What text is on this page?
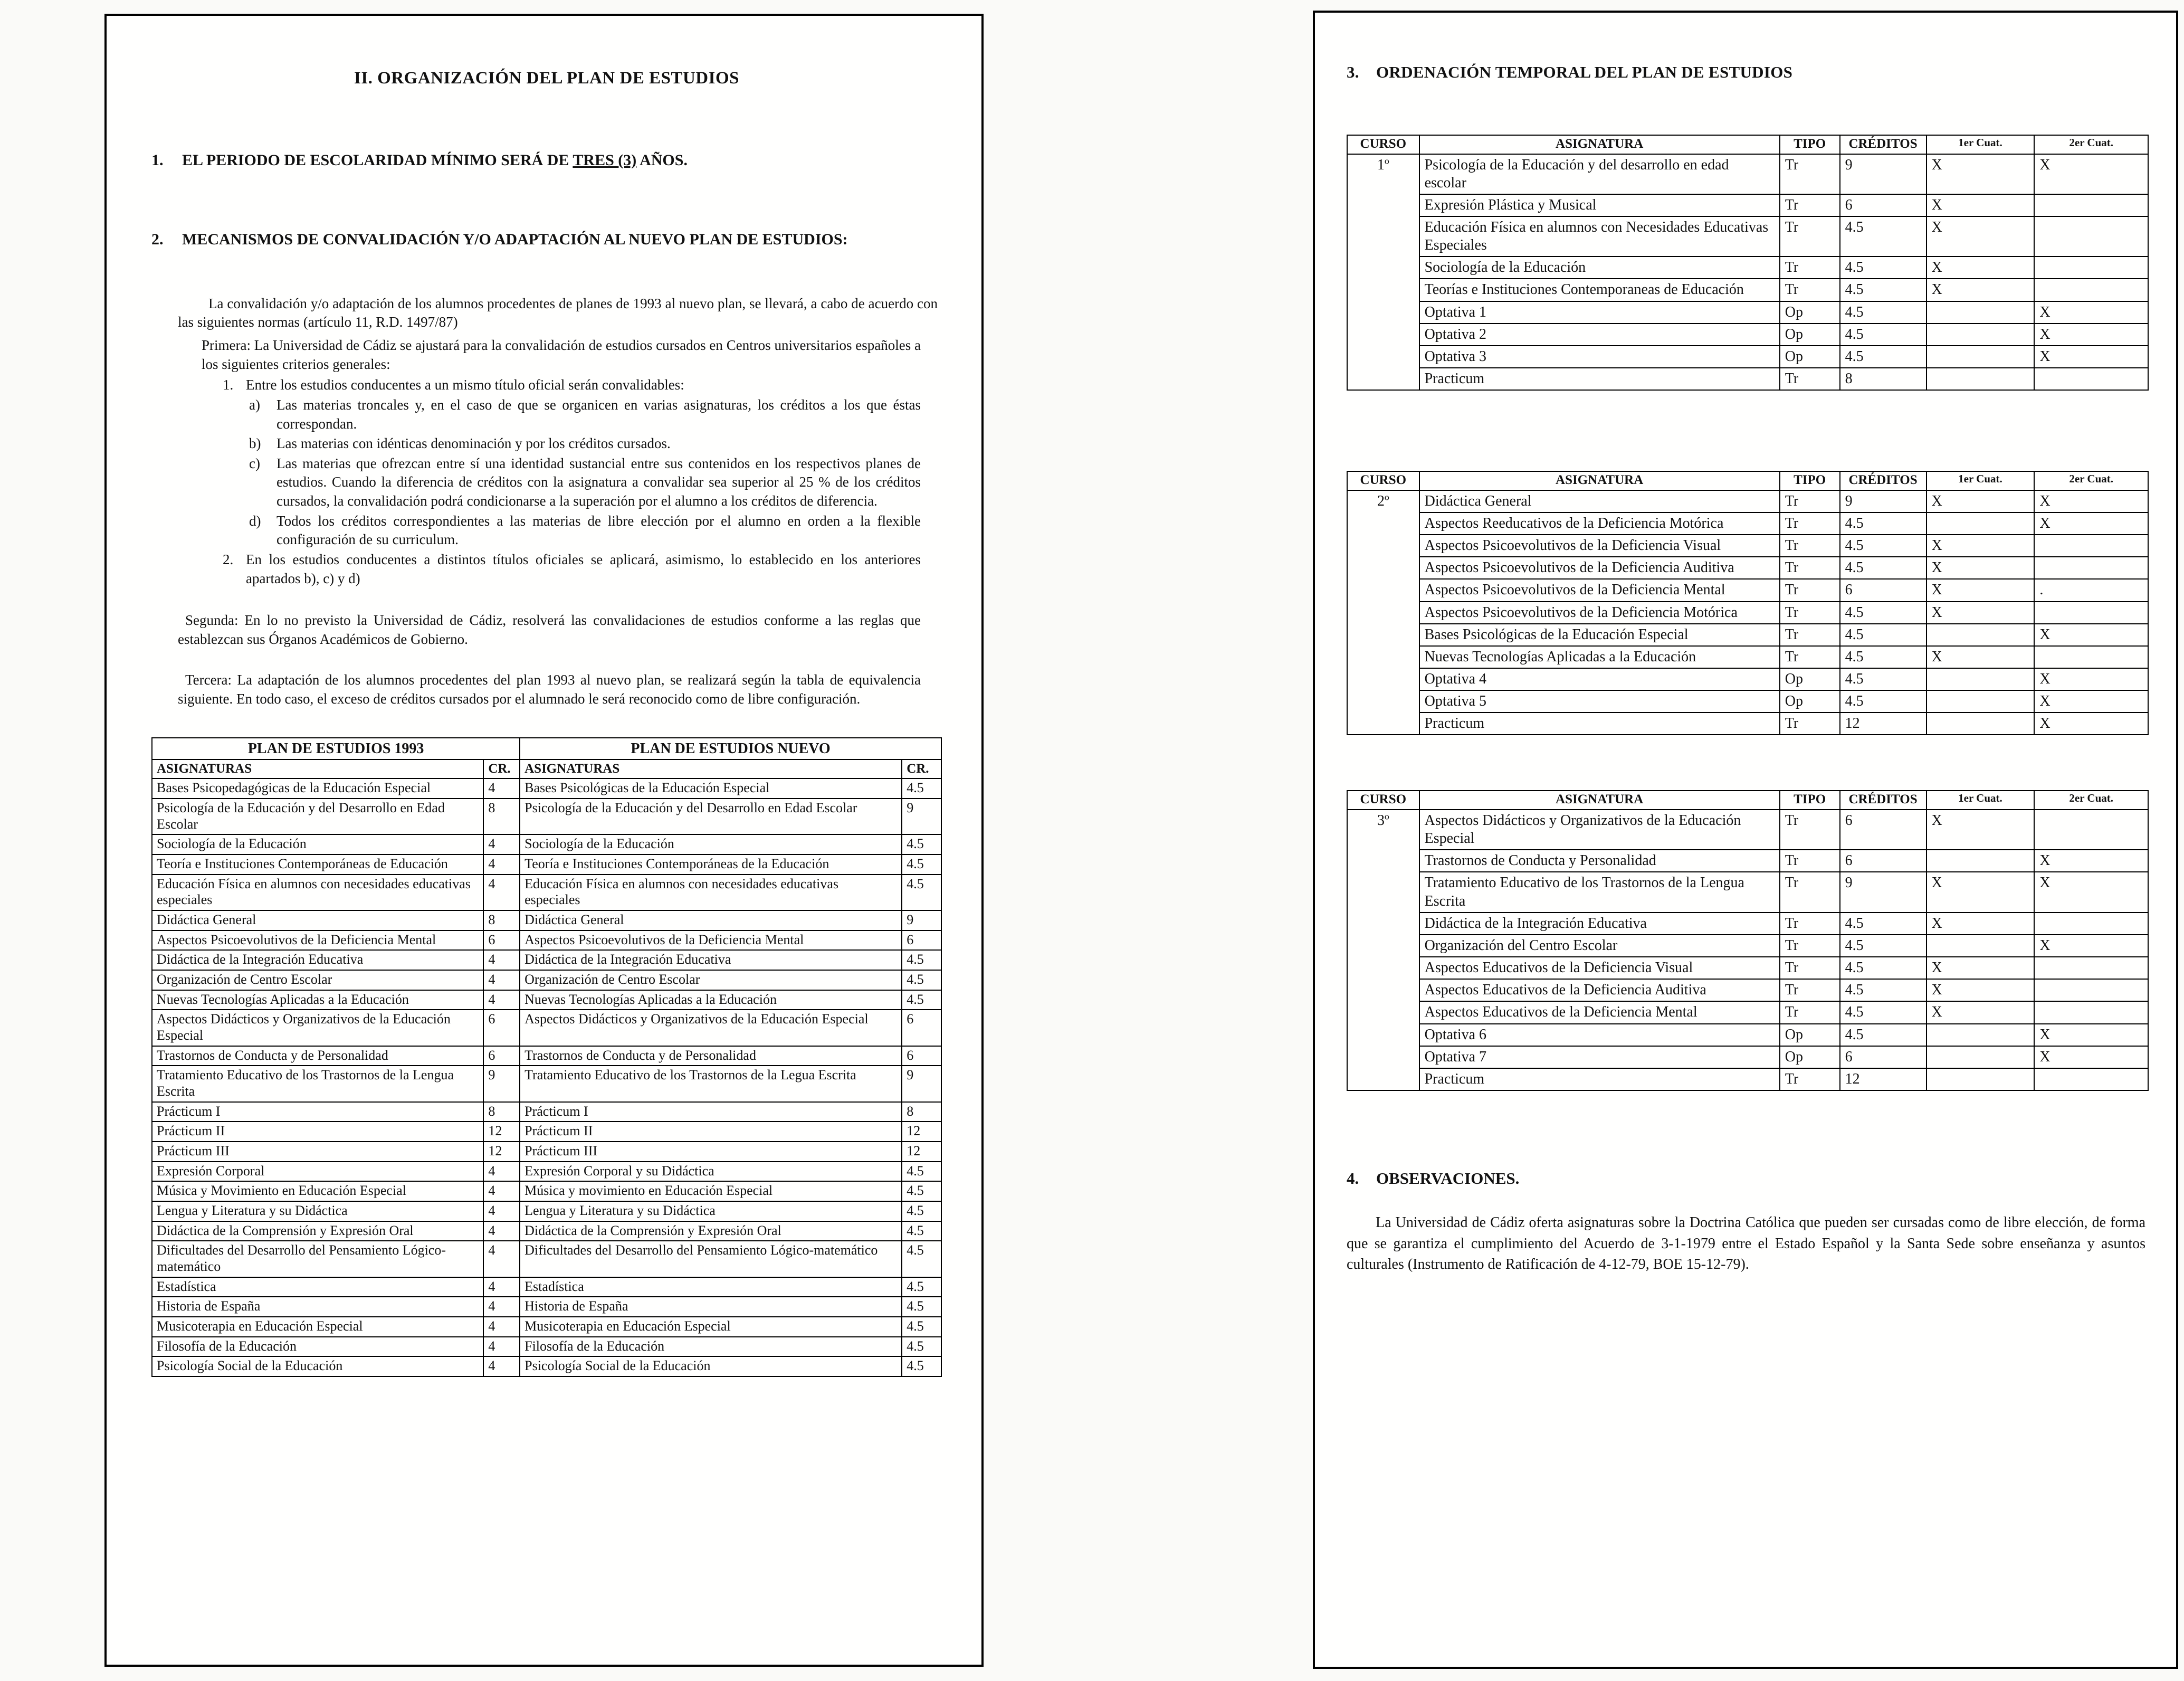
II. ORGANIZACIÓN DEL PLAN DE ESTUDIOS
1.	EL PERIODO DE ESCOLARIDAD MÍNIMO SERÁ DE TRES (3) AÑOS.
2.	MECANISMOS DE CONVALIDACIÓN Y/O ADAPTACIÓN AL NUEVO PLAN DE ESTUDIOS:

La convalidación y/o adaptación de los alumnos procedentes de planes de 1993 al nuevo plan, se llevará, a cabo de acuerdo con las siguientes normas (artículo 11, R.D. 1497/87)

Primera: La Universidad de Cádiz se ajustará para la convalidación de estudios cursados en Centros universitarios españoles a los siguientes criterios generales:

1. Entre los estudios conducentes a un mismo título oficial serán convalidables:
a)	Las materias troncales y, en el caso de que se organicen en varias asignaturas, los créditos a los que éstas correspondan.
b)	Las materias con idénticas denominación y por los créditos cursados.
c)	Las materias que ofrezcan entre sí una identidad sustancial entre sus contenidos en los respectivos planes de estudios. Cuando la diferencia de créditos con la asignatura a convalidar sea superior al 25 % de los créditos cursados, la convalidación podrá condicionarse a la superación por el alumno a los créditos de diferencia.
d)	Todos los créditos correspondientes a las materias de libre elección por el alumno en orden a la flexible configuración de su curriculum.
2. En los estudios conducentes a distintos títulos oficiales se aplicará, asimismo, lo establecido en los anteriores apartados b), c) y d)

Segunda: En lo no previsto la Universidad de Cádiz, resolverá las convalidaciones de estudios conforme a las reglas que establezcan sus Órganos Académicos de Gobierno.

Tercera: La adaptación de los alumnos procedentes del plan 1993 al nuevo plan, se realizará según la tabla de equivalencia siguiente. En todo caso, el exceso de créditos cursados por el alumnado le será reconocido como de libre configuración.

PLAN DE ESTUDIOS 1993		PLAN DE ESTUDIOS NUEVO	
ASIGNATURAS	CR.	ASIGNATURAS	CR.
Bases Psicopedagógicas de la Educación Especial	4	Bases Psicológicas de la Educación Especial	4.5
Psicología de la Educación y del Desarrollo en Edad Escolar	8	Psicología de la Educación y del Desarrollo en Edad Escolar	9
Sociología de la Educación	4	Sociología de la Educación	4.5
Teoría e Instituciones Contemporáneas de Educación	4	Teoría e Instituciones Contemporáneas de la Educación	4.5
Educación Física en alumnos con necesidades educativas especiales	4	Educación Física en alumnos con necesidades educativas especiales	4.5
Didáctica General	8	Didáctica General	9
Aspectos Psicoevolutivos de la Deficiencia Mental	6	Aspectos Psicoevolutivos de la Deficiencia Mental	6
Didáctica de la Integración Educativa	4	Didáctica de la Integración Educativa	4.5
Organización de Centro Escolar	4	Organización de Centro Escolar	4.5
Nuevas Tecnologías Aplicadas a la Educación	4	Nuevas Tecnologías Aplicadas a la Educación	4.5
Aspectos Didácticos y Organizativos de la Educación Especial	6	Aspectos Didácticos y Organizativos de la Educación Especial	6
Trastornos de Conducta y de Personalidad	6	Trastornos de Conducta y de Personalidad	6
Tratamiento Educativo de los Trastornos de la Lengua Escrita	9	Tratamiento Educativo de los Trastornos de la Legua Escrita	9
Prácticum I	8	Prácticum I	8
Prácticum II	12	Prácticum II	12
Prácticum III	12	Prácticum III	12
Expresión Corporal	4	Expresión Corporal y su Didáctica	4.5
Música y Movimiento en Educación Especial	4	Música y movimiento en Educación Especial	4.5
Lengua y Literatura y su Didáctica	4	Lengua y Literatura y su Didáctica	4.5
Didáctica de la Comprensión y Expresión Oral	4	Didáctica de la Comprensión y Expresión Oral	4.5
Dificultades del Desarrollo del Pensamiento Lógico-matemático	4	Dificultades del Desarrollo del Pensamiento Lógico-matemático	4.5
Estadística	4	Estadística	4.5
Historia de España	4	Historia de España	4.5
Musicoterapia en Educación Especial	4	Musicoterapia en Educación Especial	4.5
Filosofía de la Educación	4	Filosofía de la Educación	4.5
Psicología Social de la Educación	4	Psicología Social de la Educación	4.5
3.	ORDENACIÓN TEMPORAL DEL PLAN DE ESTUDIOS
CURSO	ASIGNATURA	TIPO	CRÉDITOS	1er Cuat.	2er Cuat.
1º	Psicología de la Educación y del desarrollo en edad escolar	Tr	9	X	X
	Expresión Plástica y Musical	Tr	6	X	
	Educación Física en alumnos con Necesidades Educativas Especiales	Tr	4.5	X	
	Sociología de la Educación	Tr	4.5	X	
	Teorías e Instituciones Contemporaneas de Educación	Tr	4.5	X	
	Optativa 1	Op	4.5		X
	Optativa 2	Op	4.5		X
	Optativa 3	Op	4.5		X
	Practicum	Tr	8		
CURSO	ASIGNATURA	TIPO	CRÉDITOS	1er Cuat.	2er Cuat.
2º	Didáctica General	Tr	9	X	X
	Aspectos Reeducativos de la Deficiencia Motórica	Tr	4.5		X
	Aspectos Psicoevolutivos de la Deficiencia Visual	Tr	4.5	X	
	Aspectos Psicoevolutivos de la Deficiencia Auditiva	Tr	4.5	X	
	Aspectos Psicoevolutivos de la Deficiencia Mental	Tr	6	X	.
	Aspectos Psicoevolutivos de la Deficiencia Motórica	Tr	4.5	X	
	Bases Psicológicas de la Educación Especial	Tr	4.5		X
	Nuevas Tecnologías Aplicadas a la Educación	Tr	4.5	X	
	Optativa 4	Op	4.5		X
	Optativa 5	Op	4.5		X
	Practicum	Tr	12		X
CURSO	ASIGNATURA	TIPO	CRÉDITOS	1er Cuat.	2er Cuat.
3º	Aspectos Didácticos y Organizativos de la Educación Especial	Tr	6	X	
	Trastornos de Conducta y Personalidad	Tr	6		X
	Tratamiento Educativo de los Trastornos de la Lengua Escrita	Tr	9	X	X
	Didáctica de la Integración Educativa	Tr	4.5	X	
	Organización del Centro Escolar	Tr	4.5		X
	Aspectos Educativos de la Deficiencia Visual	Tr	4.5	X	
	Aspectos Educativos de la Deficiencia Auditiva	Tr	4.5	X	
	Aspectos Educativos de la Deficiencia Mental	Tr	4.5	X	
	Optativa 6	Op	4.5		X
	Optativa 7	Op	6		X
	Practicum	Tr	12		
4.	OBSERVACIONES.

La Universidad de Cádiz oferta asignaturas sobre la Doctrina Católica que pueden ser cursadas como de libre elección, de forma que se garantiza el cumplimiento del Acuerdo de 3-1-1979 entre el Estado Español y la Santa Sede sobre enseñanza y asuntos culturales (Instrumento de Ratificación de 4-12-79, BOE 15-12-79).
